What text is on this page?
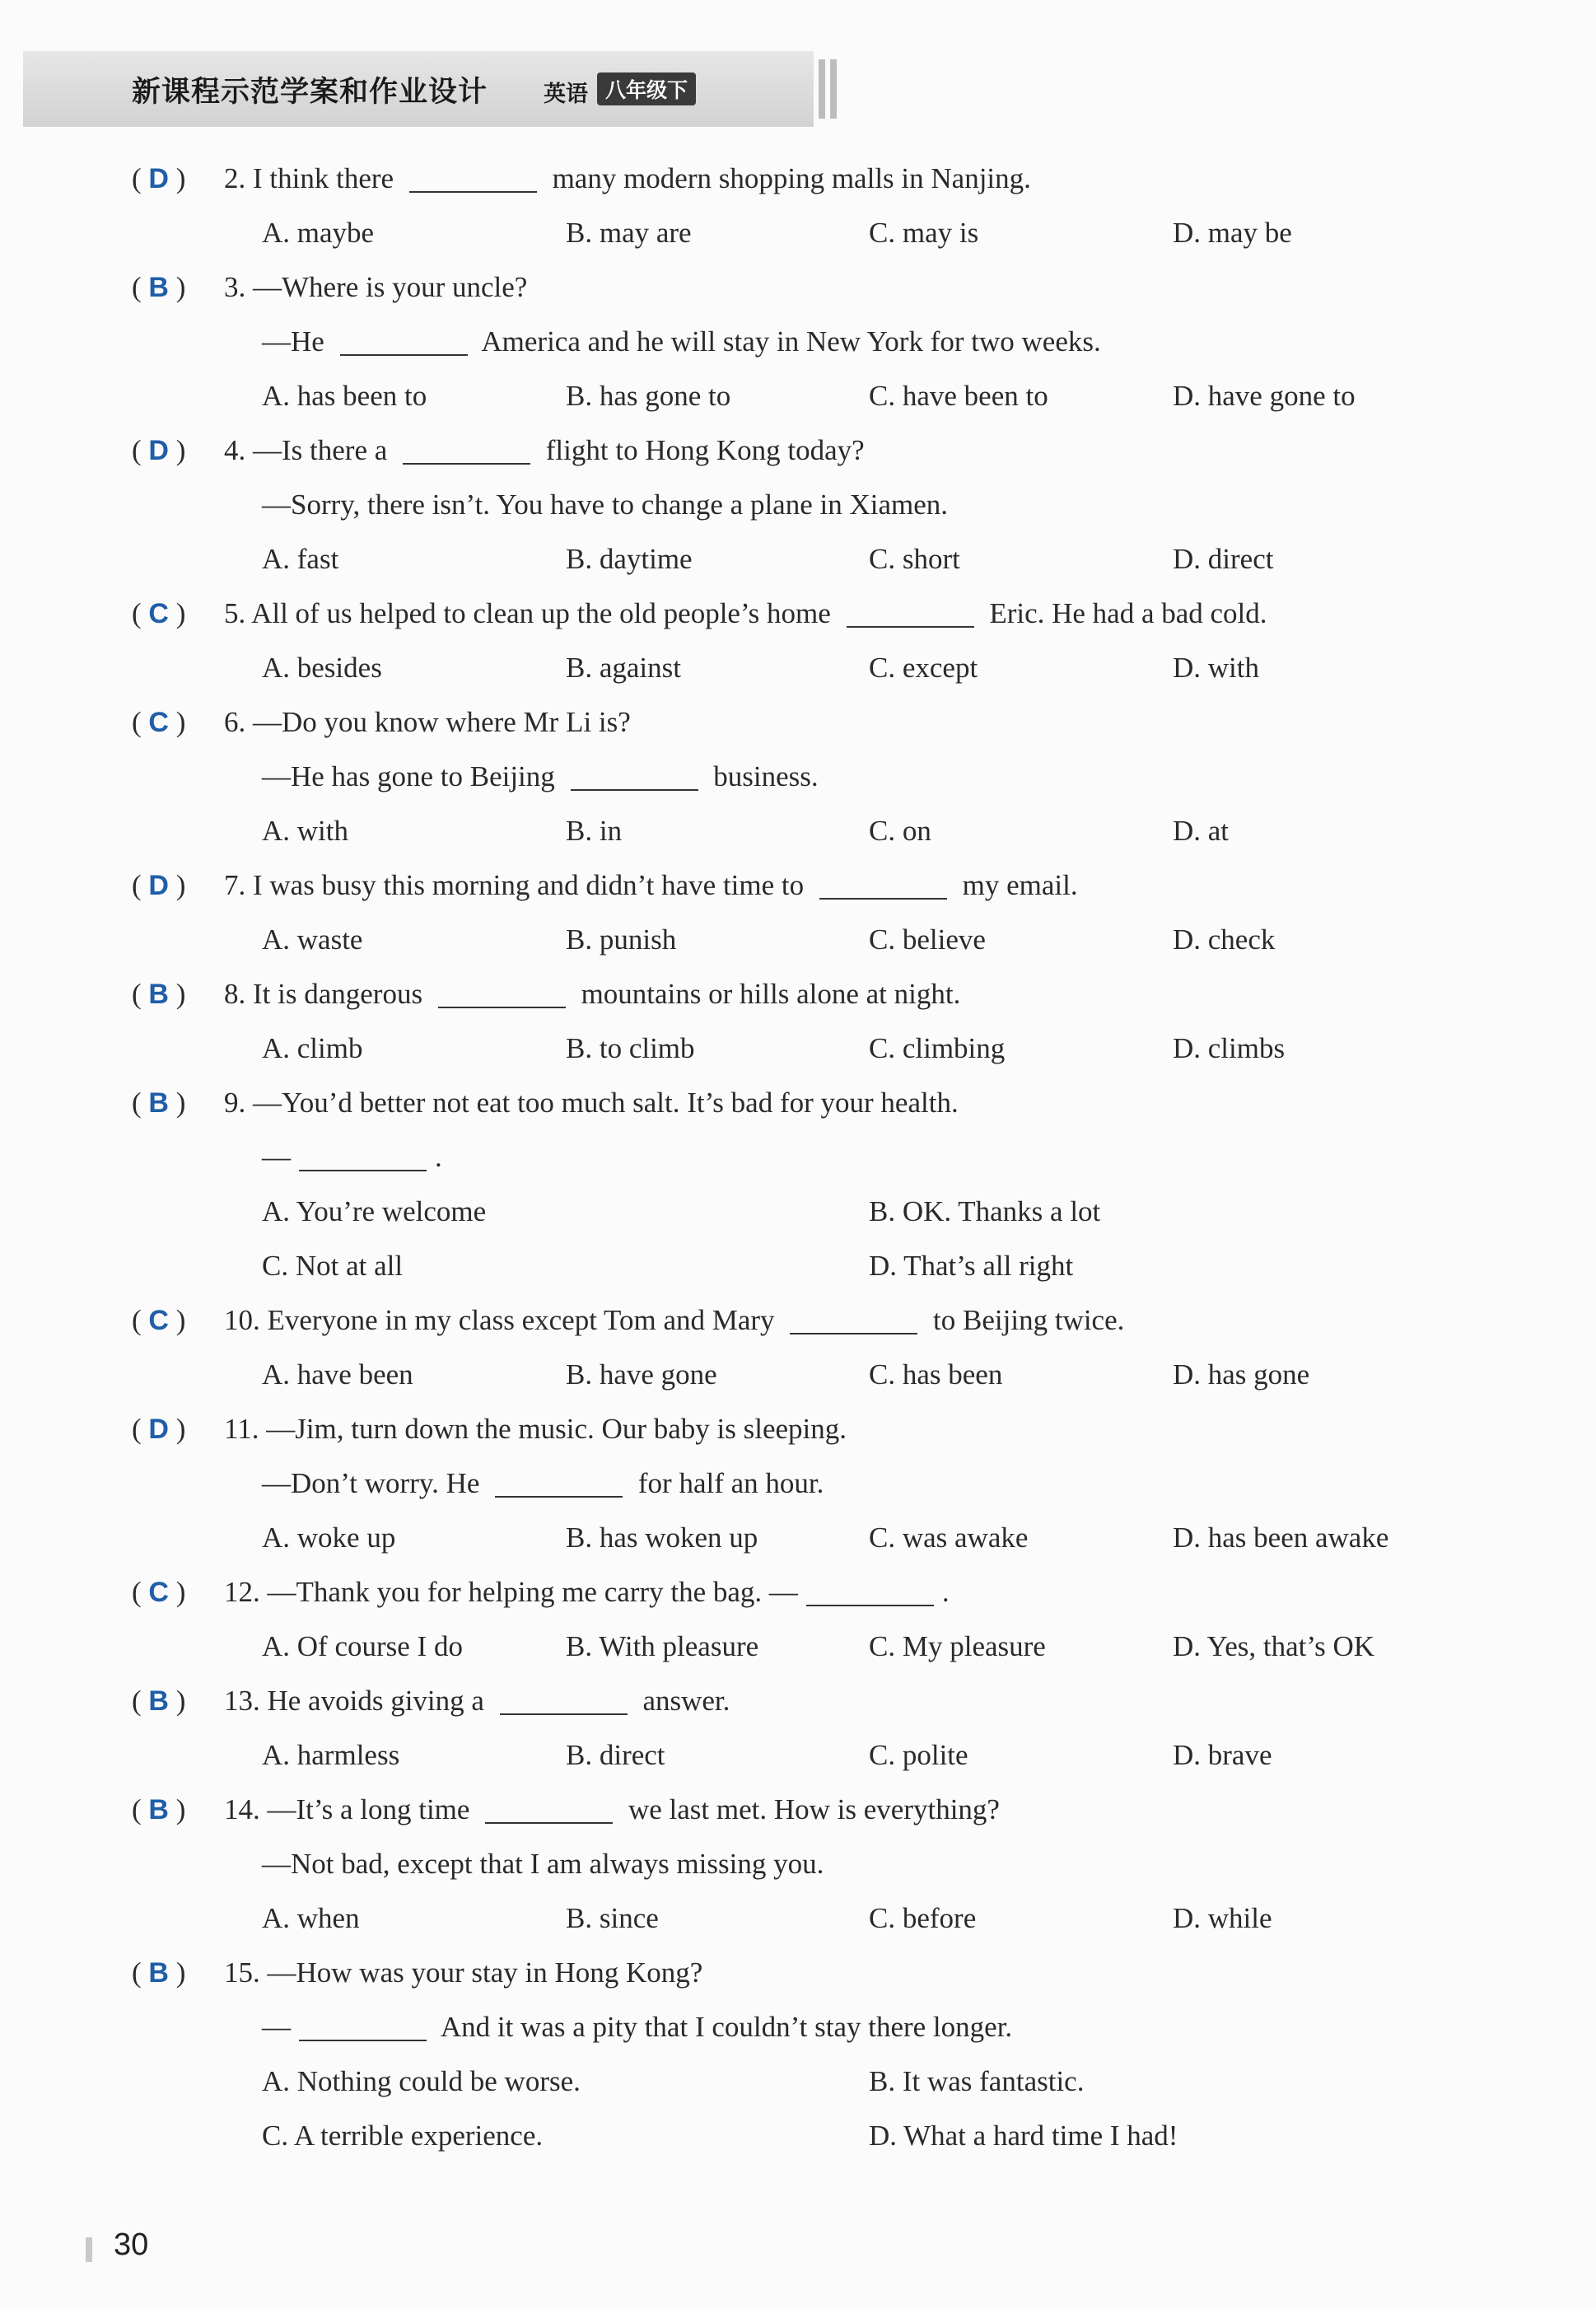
新课程示范学案和作业设计	英语 八年级下
( D ) 2. I think there	many modern shopping malls in Nanjing.
A. maybe	B. may are	C. may is	D. may be
( B ) 3. —Where is your uncle?
—He	America and he will stay in New York for two weeks.
A. has been to	B. has gone to	C. have been to	D. have gone to
( D ) 4. —Is there a	flight to Hong Kong today?
—Sorry, there isn’t. You have to change a plane in Xiamen.
A. fast	B. daytime	C. short	D. direct
( C ) 5. All of us helped to clean up the old people’s home	Eric. He had a bad cold.
A. besides	B. against	C. except	D. with
( C ) 6. —Do you know where Mr Li is?
—He has gone to Beijing	business.
A. with	B. in	C. on	D. at
( D ) 7. I was busy this morning and didn’t have time to	my email.
A. waste	B. punish	C. believe	D. check
( B ) 8. It is dangerous	mountains or hills alone at night.
A. climb	B. to climb	C. climbing	D. climbs
( B ) 9. —You’d better not eat too much salt. It’s bad for your health.
—	.
A. You’re welcome	B. OK. Thanks a lot
C. Not at all	D. That’s all right
( C ) 10. Everyone in my class except Tom and Mary	to Beijing twice.
A. have been	B. have gone	C. has been	D. has gone
( D ) 11. —Jim, turn down the music. Our baby is sleeping.
—Don’t worry. He	for half an hour.
A. woke up	B. has woken up	C. was awake	D. has been awake
( C ) 12. —Thank you for helping me carry the bag. —	.
A. Of course I do	B. With pleasure	C. My pleasure	D. Yes, that’s OK
( B ) 13. He avoids giving a	answer.
A. harmless	B. direct	C. polite	D. brave
( B ) 14. —It’s a long time	we last met. How is everything?
—Not bad, except that I am always missing you.
A. when	B. since	C. before	D. while
( B ) 15. —How was your stay in Hong Kong?
—	And it was a pity that I couldn’t stay there longer.
A. Nothing could be worse.	B. It was fantastic.
C. A terrible experience.	D. What a hard time I had!
30
